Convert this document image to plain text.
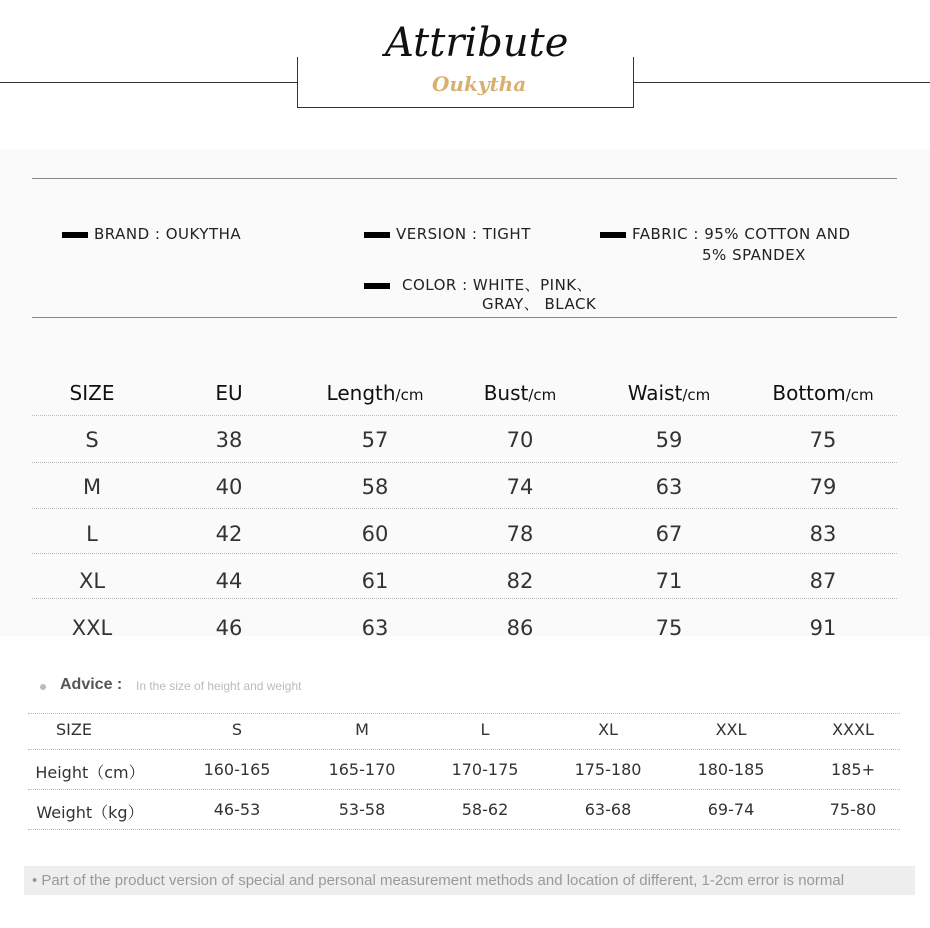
Attribute
Oukytha
BRAND : OUKYTHA	VERSION : TIGHT	FABRIC : 95% COTTON AND
5% SPANDEX
COLOR : WHITE、PINK、
GRAY、 BLACK
SIZE	EU	Length/cm	Bust/cm	Waist/cm	Bottom/cm
S	38	57	70	59	75
M	40	58	74	63	79
L	42	60	78	67	83
XL	44	61	82	71	87
XXL	46	63	86	75	91
Advice : In the size of height and weight
SIZE	S	M	L	XL	XXL	XXXL
Height（cm）	160-165	165-170	170-175	175-180	180-185	185+
Weight（kg）	46-53	53-58	58-62	63-68	69-74	75-80
• Part of the product version of special and personal measurement methods and location of different, 1-2cm error is normal
